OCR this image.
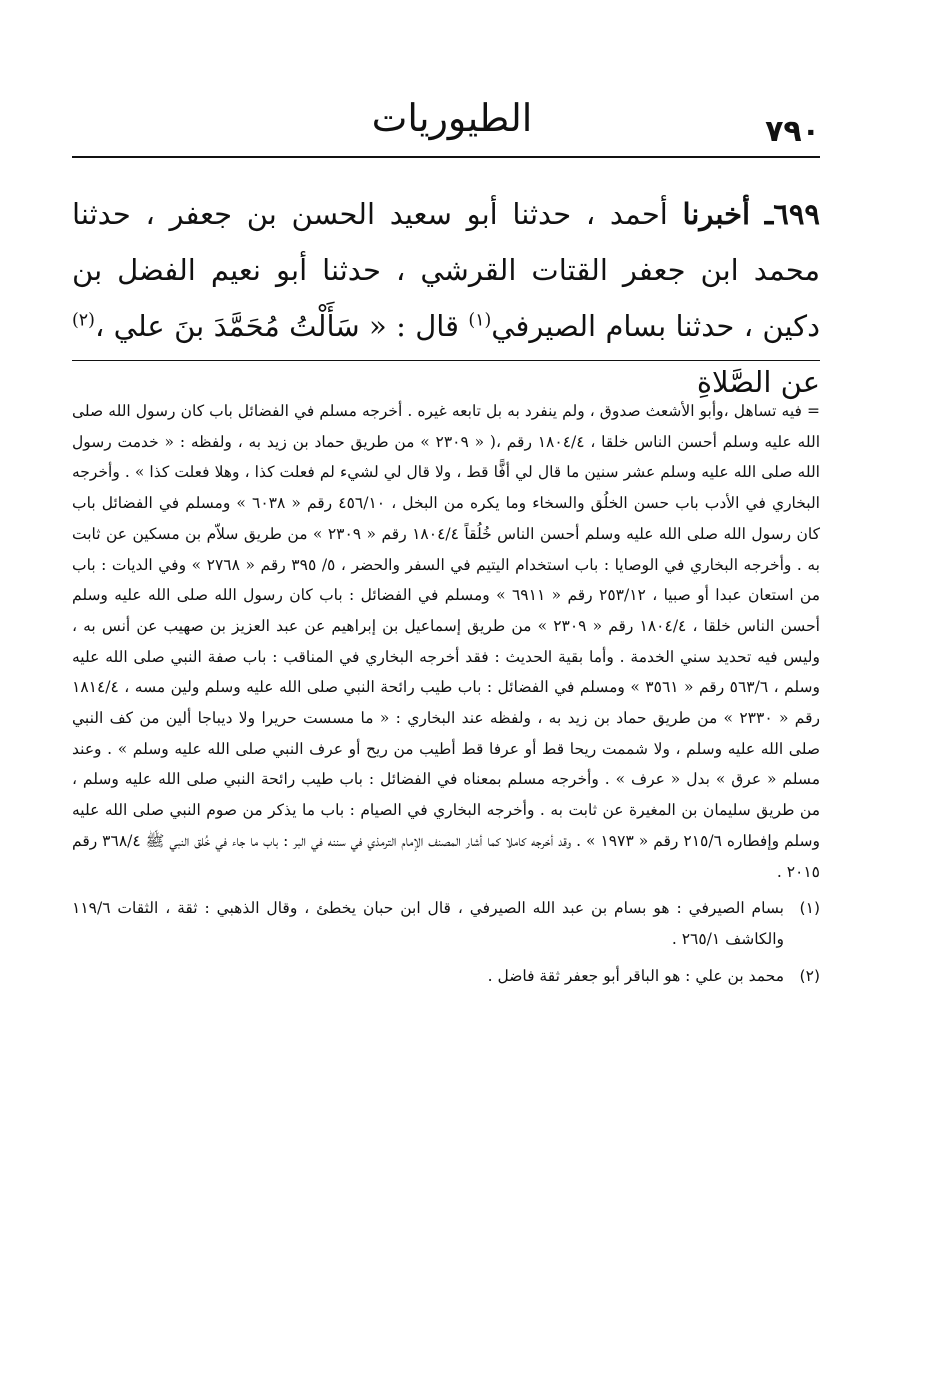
٧٩٠
الطيوريات
٦٩٩ـ أخبرنا أحمد ، حدثنا أبو سعيد الحسن بن جعفر ، حدثنا محمد ابن جعفر القتات القرشي ، حدثنا أبو نعيم الفضل بن دكين ، حدثنا بسام الصيرفي$^{(١)}$ قال : « سَأَلْتُ مُحَمَّدَ بنَ علي ،$^{(٢)}$ عن الصَّلاةِ
= فيه تساهل ،وأبو الأشعث صدوق ، ولم ينفرد به بل تابعه غيره . أخرجه مسلم في الفضائل باب كان رسول الله صلى الله عليه وسلم أحسن الناس خلقا ، ١٨٠٤/٤ رقم ،( « ٢٣٠٩ » من طريق حماد بن زيد به ، ولفظه : « خدمت رسول الله صلى الله عليه وسلم عشر سنين ما قال لي أفًّا قط ، ولا قال لي لشيء لم فعلت كذا ، وهلا فعلت كذا » . وأخرجه البخاري في الأدب باب حسن الخلُق والسخاء وما يكره من البخل ، ٤٥٦/١٠ رقم « ٦٠٣٨ » ومسلم في الفضائل باب كان رسول الله صلى الله عليه وسلم أحسن الناس خُلُقاً ١٨٠٤/٤ رقم « ٢٣٠٩ » من طريق سلاّم بن مسكين عن ثابت به . وأخرجه البخاري في الوصايا : باب استخدام اليتيم في السفر والحضر ، ٥/ ٣٩٥ رقم « ٢٧٦٨ » وفي الديات : باب من استعان عبدا أو صبيا ، ٢٥٣/١٢ رقم « ٦٩١١ » ومسلم في الفضائل : باب كان رسول الله صلى الله عليه وسلم أحسن الناس خلقا ، ١٨٠٤/٤ رقم « ٢٣٠٩ » من طريق إسماعيل بن إبراهيم عن عبد العزيز بن صهيب عن أنس به ، وليس فيه تحديد سني الخدمة . وأما بقية الحديث : فقد أخرجه البخاري في المناقب : باب صفة النبي صلى الله عليه وسلم ، ٥٦٣/٦ رقم « ٣٥٦١ » ومسلم في الفضائل : باب طيب رائحة النبي صلى الله عليه وسلم ولين مسه ، ١٨١٤/٤ رقم « ٢٣٣٠ » من طريق حماد بن زيد به ، ولفظه عند البخاري : « ما مسست حريرا ولا ديباجا ألين من كف النبي صلى الله عليه وسلم ، ولا شممت ريحا قط أو عرفا قط أطيب من ريح أو عرف النبي صلى الله عليه وسلم » . وعند مسلم « عرق » بدل « عرف » . وأخرجه مسلم بمعناه في الفضائل : باب طيب رائحة النبي صلى الله عليه وسلم ، من طريق سليمان بن المغيرة عن ثابت به . وأخرجه البخاري في الصيام : باب ما يذكر من صوم النبي صلى الله عليه وسلم وإفطاره ٢١٥/٦ رقم « ١٩٧٣ » . وقد أخرجه كاملا كما أشار المصنف الإمام الترمذي في سننه في البر : باب ما جاء في خُلق النبي ﷺ ٣٦٨/٤ رقم ٢٠١٥ .
(١)
بسام الصيرفي : هو بسام بن عبد الله الصيرفي ، قال ابن حبان يخطئ ، وقال الذهبي : ثقة ، الثقات ١١٩/٦ والكاشف ٢٦٥/١ .
(٢)
محمد بن علي : هو الباقر أبو جعفر ثقة فاضل .
